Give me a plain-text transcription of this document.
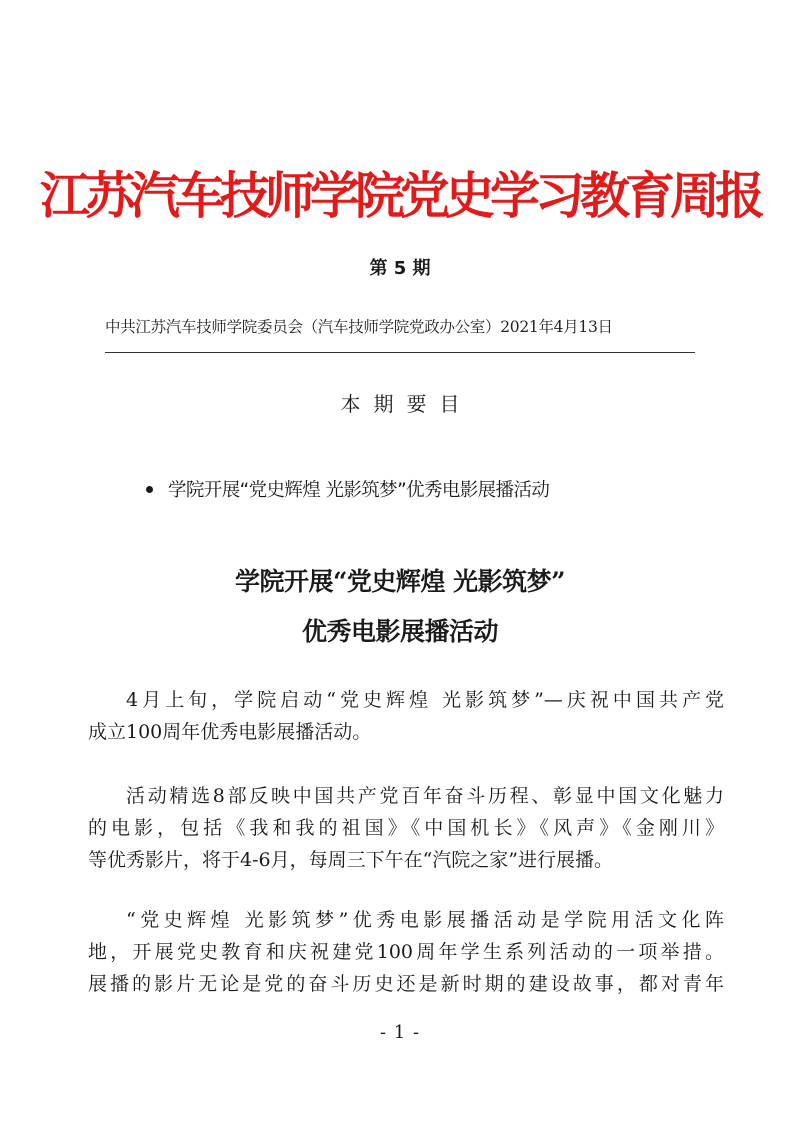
江苏汽车技师学院党史学习教育周报
第 5 期
中共江苏汽车技师学院委员会（汽车技师学院党政办公室）2021年4月13日
本期要目
学院开展“党史辉煌 光影筑梦”优秀电影展播活动
学院开展“党史辉煌 光影筑梦”
优秀电影展播活动
4月上旬，学院启动“党史辉煌 光影筑梦”—庆祝中国共产党
成立100周年优秀电影展播活动。
活动精选8部反映中国共产党百年奋斗历程、彰显中国文化魅力
的电影，包括《我和我的祖国》《中国机长》《风声》《金刚川》
等优秀影片，将于4-6月，每周三下午在“汽院之家”进行展播。
“党史辉煌 光影筑梦”优秀电影展播活动是学院用活文化阵
地，开展党史教育和庆祝建党100周年学生系列活动的一项举措。
展播的影片无论是党的奋斗历史还是新时期的建设故事，都对青年
- 1 -
